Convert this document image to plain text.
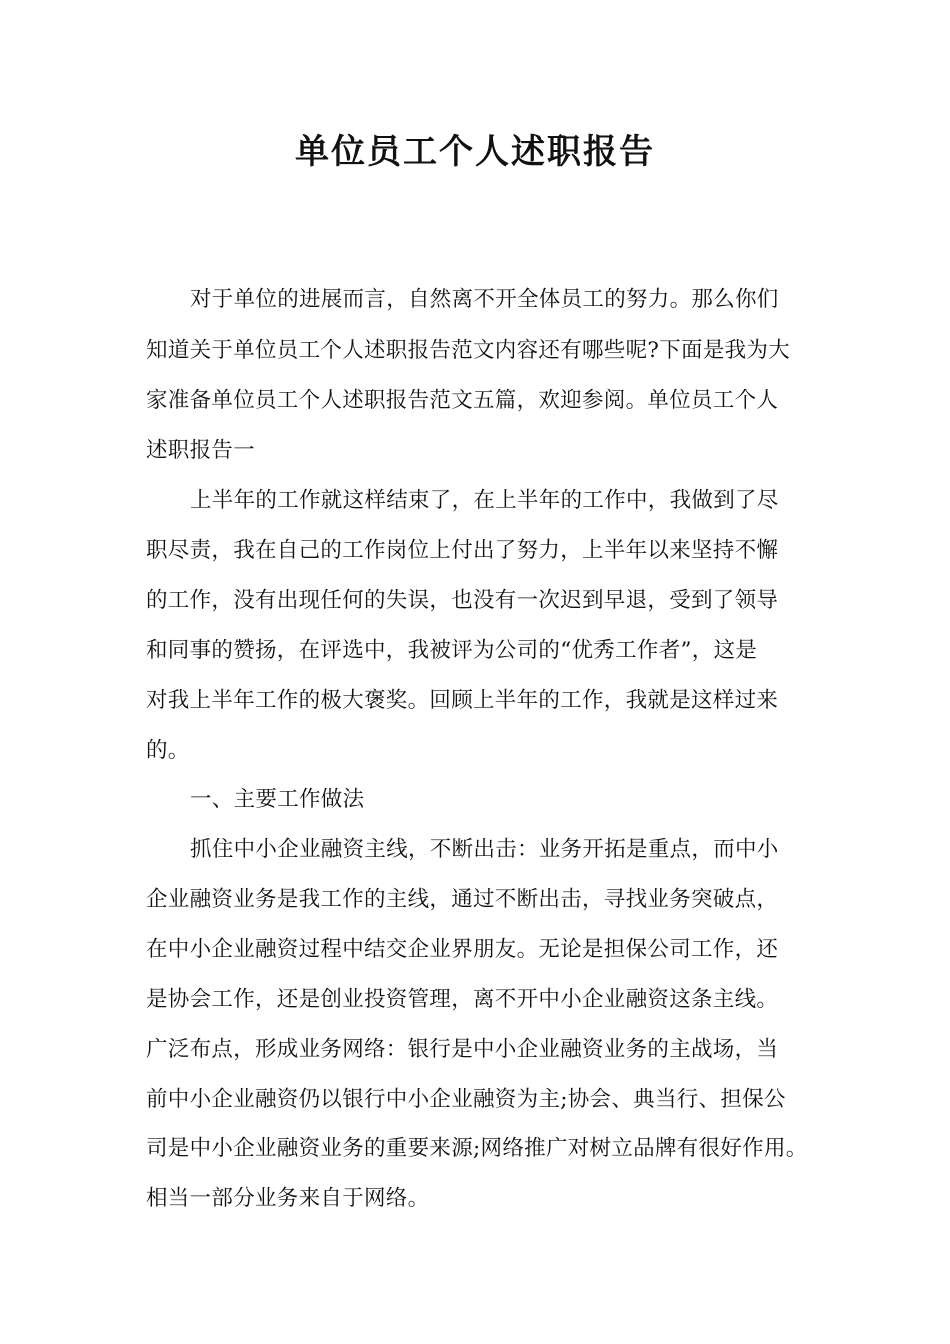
单位员工个人述职报告
对于单位的进展而言，自然离不开全体员工的努力。那么你们
知道关于单位员工个人述职报告范文内容还有哪些呢?下面是我为大
家准备单位员工个人述职报告范文五篇，欢迎参阅。单位员工个人
述职报告一
上半年的工作就这样结束了，在上半年的工作中，我做到了尽
职尽责，我在自己的工作岗位上付出了努力，上半年以来坚持不懈
的工作，没有出现任何的失误，也没有一次迟到早退，受到了领导
和同事的赞扬，在评选中，我被评为公司的“优秀工作者”，这是
对我上半年工作的极大褒奖。回顾上半年的工作，我就是这样过来
的。
一、主要工作做法
抓住中小企业融资主线，不断出击：业务开拓是重点，而中小
企业融资业务是我工作的主线，通过不断出击，寻找业务突破点，
在中小企业融资过程中结交企业界朋友。无论是担保公司工作，还
是协会工作，还是创业投资管理，离不开中小企业融资这条主线。
广泛布点，形成业务网络：银行是中小企业融资业务的主战场，当
前中小企业融资仍以银行中小企业融资为主;协会、典当行、担保公
司是中小企业融资业务的重要来源;网络推广对树立品牌有很好作用。
相当一部分业务来自于网络。
